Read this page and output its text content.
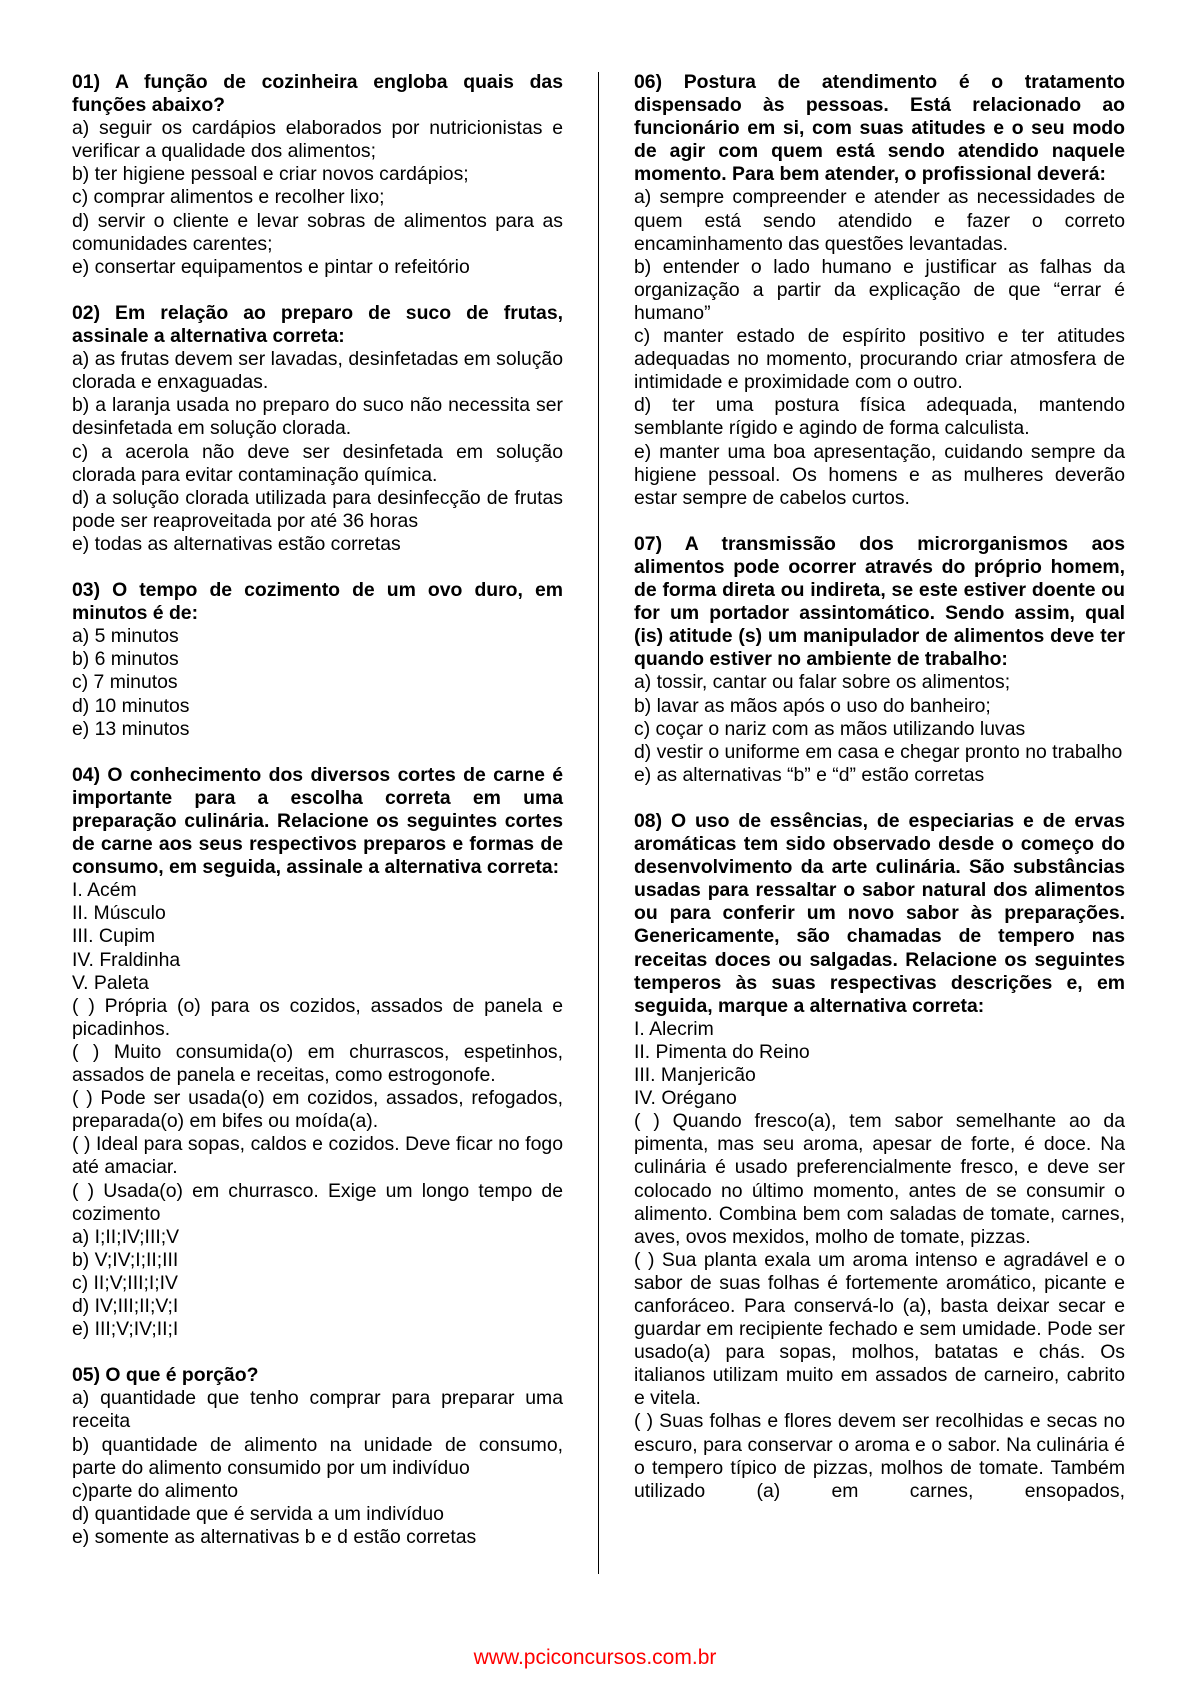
01) A função de cozinheira engloba quais das funções abaixo?
a) seguir os cardápios elaborados por nutricionistas e verificar a qualidade dos alimentos;
b) ter higiene pessoal e criar novos cardápios;
c) comprar alimentos e recolher lixo;
d) servir o cliente e levar sobras de alimentos para as comunidades carentes;
e) consertar equipamentos e pintar o refeitório
02) Em relação ao preparo de suco de frutas, assinale a alternativa correta:
a) as frutas devem ser lavadas, desinfetadas em solução clorada e enxaguadas.
b) a laranja usada no preparo do suco não necessita ser desinfetada em solução clorada.
c) a acerola não deve ser desinfetada em solução clorada para evitar contaminação química.
d) a solução clorada utilizada para desinfecção de frutas pode ser reaproveitada por até 36 horas
e) todas as alternativas estão corretas
03) O tempo de cozimento de um ovo duro, em minutos é de:
a) 5 minutos
b) 6 minutos
c) 7 minutos
d) 10 minutos
e) 13 minutos
04) O conhecimento dos diversos cortes de carne é importante para a escolha correta em uma preparação culinária. Relacione os seguintes cortes de carne aos seus respectivos preparos e formas de consumo, em seguida, assinale a alternativa correta:
I. Acém
II. Músculo
III. Cupim
IV. Fraldinha
V. Paleta
( ) Própria (o) para os cozidos, assados de panela e picadinhos.
( ) Muito consumida(o) em churrascos, espetinhos, assados de panela e receitas, como estrogonofe.
( ) Pode ser usada(o) em cozidos, assados, refogados, preparada(o) em bifes ou moída(a).
( ) Ideal para sopas, caldos e cozidos. Deve ficar no fogo até amaciar.
( ) Usada(o) em churrasco. Exige um longo tempo de cozimento
a) I;II;IV;III;V
b) V;IV;I;II;III
c) II;V;III;I;IV
d) IV;III;II;V;I
e) III;V;IV;II;I
05) O que é porção?
a) quantidade que tenho comprar para preparar uma receita
b) quantidade de alimento na unidade de consumo, parte do alimento consumido por um indivíduo
c)parte do alimento
d) quantidade que é servida a um indivíduo
e) somente as alternativas b e d estão corretas
06) Postura de atendimento é o tratamento dispensado às pessoas. Está relacionado ao funcionário em si, com suas atitudes e o seu modo de agir com quem está sendo atendido naquele momento. Para bem atender, o profissional deverá:
a) sempre compreender e atender as necessidades de quem está sendo atendido e fazer o correto encaminhamento das questões levantadas.
b) entender o lado humano e justificar as falhas da organização a partir da explicação de que “errar é humano”
c) manter estado de espírito positivo e ter atitudes adequadas no momento, procurando criar atmosfera de intimidade e proximidade com o outro.
d) ter uma postura física adequada, mantendo semblante rígido e agindo de forma calculista.
e) manter uma boa apresentação, cuidando sempre da higiene pessoal. Os homens e as mulheres deverão estar sempre de cabelos curtos.
07) A transmissão dos microrganismos aos alimentos pode ocorrer através do próprio homem, de forma direta ou indireta, se este estiver doente ou for um portador assintomático. Sendo assim, qual (is) atitude (s) um manipulador de alimentos deve ter quando estiver no ambiente de trabalho:
a) tossir, cantar ou falar sobre os alimentos;
b) lavar as mãos após o uso do banheiro;
c) coçar o nariz com as mãos utilizando luvas
d) vestir o uniforme em casa e chegar pronto no trabalho
e) as alternativas “b” e “d” estão corretas
08) O uso de essências, de especiarias e de ervas aromáticas tem sido observado desde o começo do desenvolvimento da arte culinária. São substâncias usadas para ressaltar o sabor natural dos alimentos ou para conferir um novo sabor às preparações. Genericamente, são chamadas de tempero nas receitas doces ou salgadas. Relacione os seguintes temperos às suas respectivas descrições e, em seguida, marque a alternativa correta:
I. Alecrim
II. Pimenta do Reino
III. Manjericão
IV. Orégano
( ) Quando fresco(a), tem sabor semelhante ao da pimenta, mas seu aroma, apesar de forte, é doce. Na culinária é usado preferencialmente fresco, e deve ser colocado no último momento, antes de se consumir o alimento. Combina bem com saladas de tomate, carnes, aves, ovos mexidos, molho de tomate, pizzas.
( ) Sua planta exala um aroma intenso e agradável e o sabor de suas folhas é fortemente aromático, picante e canforáceo. Para conservá-lo (a), basta deixar secar e guardar em recipiente fechado e sem umidade. Pode ser usado(a) para sopas, molhos, batatas e chás. Os italianos utilizam muito em assados de carneiro, cabrito e vitela.
( ) Suas folhas e flores devem ser recolhidas e secas no escuro, para conservar o aroma e o sabor. Na culinária é o tempero típico de pizzas, molhos de tomate. Também utilizado (a) em carnes, ensopados,
www.pciconcursos.com.br
